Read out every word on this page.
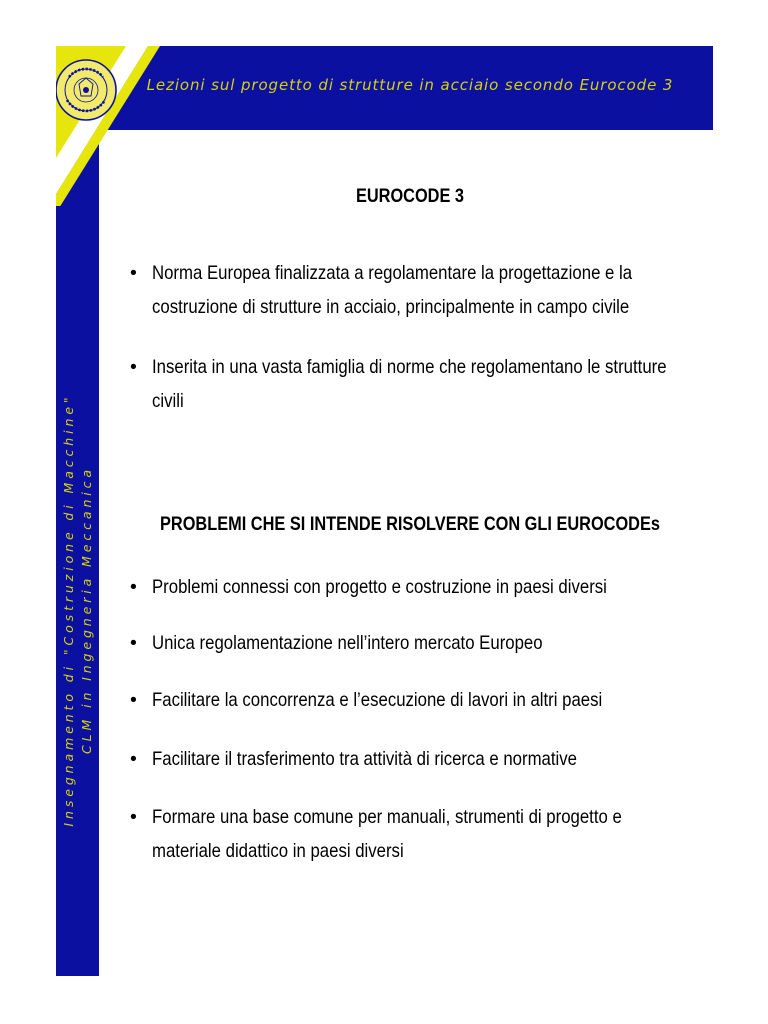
Lezioni sul progetto di strutture in acciaio secondo Eurocode 3
Insegnamento di "Costruzione di Macchine" CLM in Ingegneria Meccanica
EUROCODE 3
• Norma Europea finalizzata a regolamentare la progettazione e la
costruzione di strutture in acciaio, principalmente in campo civile
• Inserita in una vasta famiglia di norme che regolamentano le strutture
civili
PROBLEMI CHE SI INTENDE RISOLVERE CON GLI EUROCODEs
• Problemi connessi con progetto e costruzione in paesi diversi
• Unica regolamentazione nell’intero mercato Europeo
• Facilitare la concorrenza e l’esecuzione di lavori in altri paesi
• Facilitare il trasferimento tra attività di ricerca e normative
• Formare una base comune per manuali, strumenti di progetto e
materiale didattico in paesi diversi
